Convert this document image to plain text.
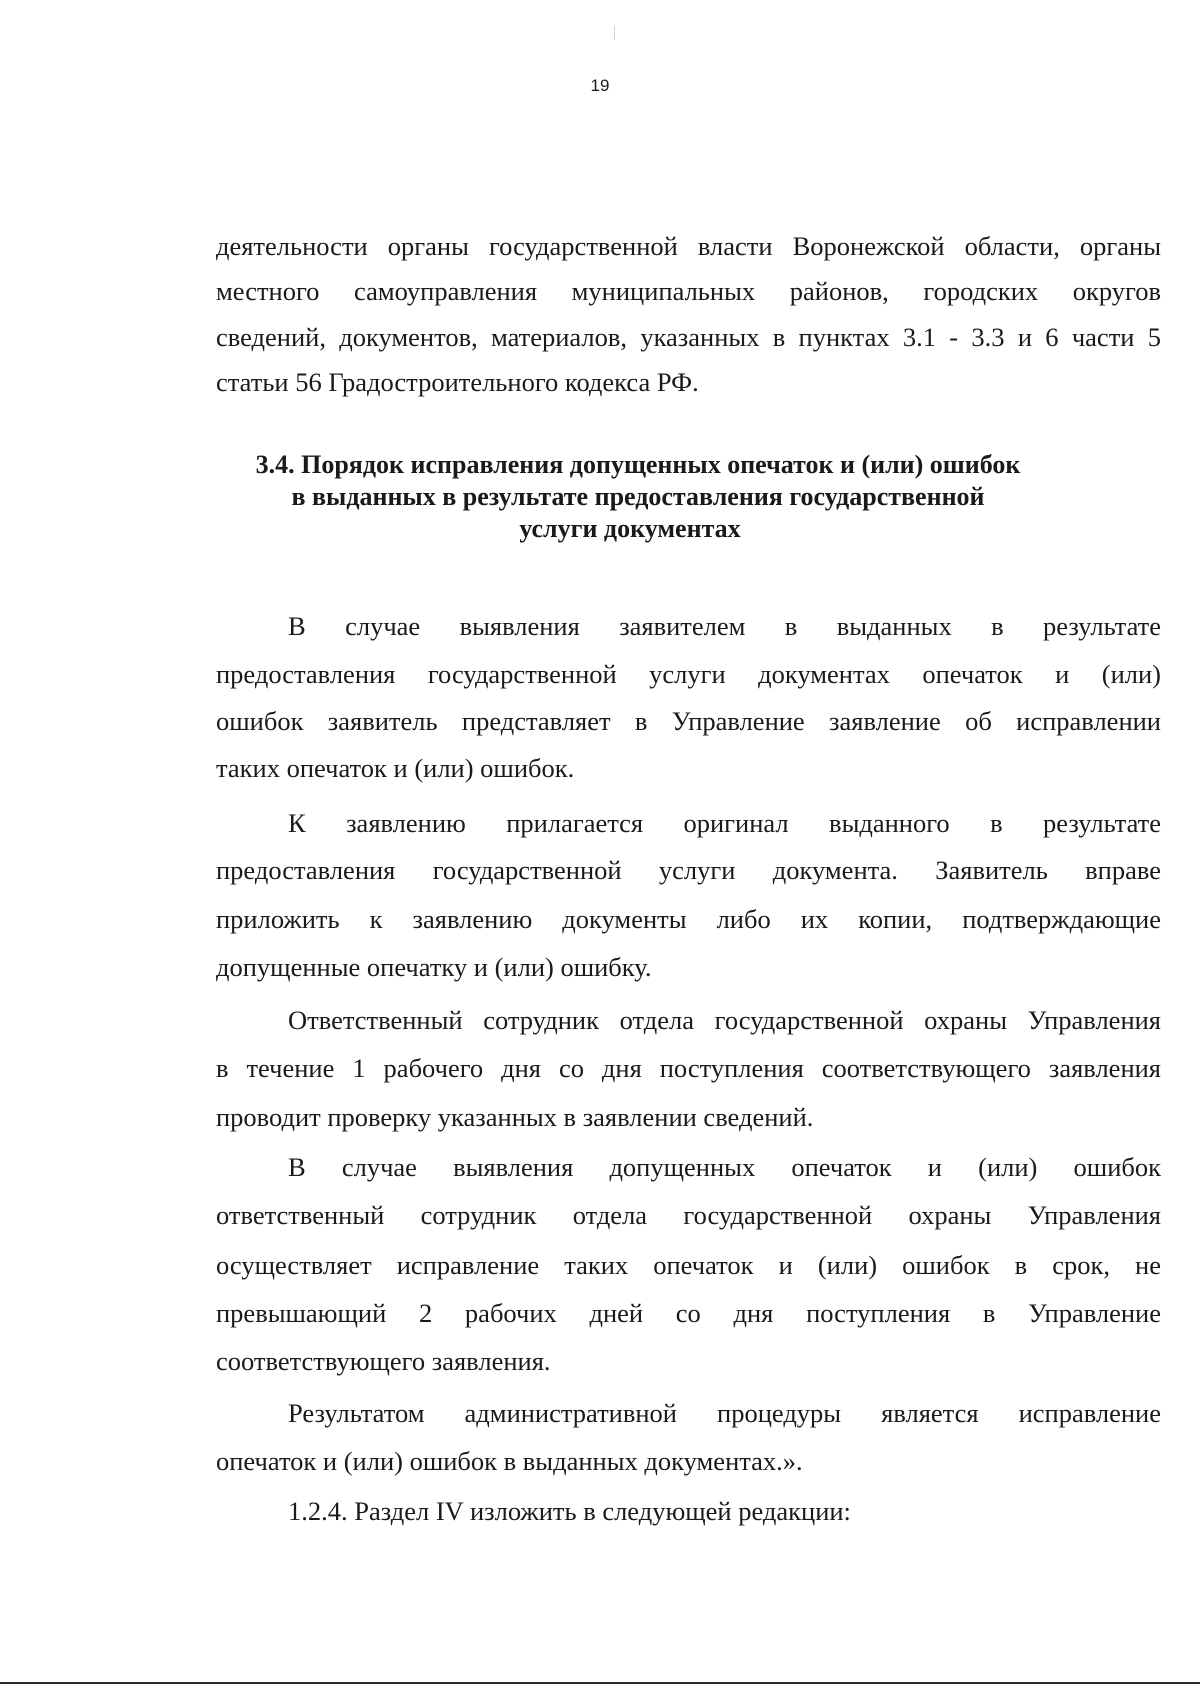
19
деятельности органы государственной власти Воронежской области, органы
местного самоуправления муниципальных районов, городских округов
сведений, документов, материалов, указанных в пунктах 3.1 - 3.3 и 6 части 5
статьи 56 Градостроительного кодекса РФ.
3.4. Порядок исправления допущенных опечаток и (или) ошибок
в выданных в результате предоставления государственной
услуги документах
В случае выявления заявителем в выданных в результате
предоставления государственной услуги документах опечаток и (или)
ошибок заявитель представляет в Управление заявление об исправлении
таких опечаток и (или) ошибок.
К заявлению прилагается оригинал выданного в результате
предоставления государственной услуги документа. Заявитель вправе
приложить к заявлению документы либо их копии, подтверждающие
допущенные опечатку и (или) ошибку.
Ответственный сотрудник отдела государственной охраны Управления
в течение 1 рабочего дня со дня поступления соответствующего заявления
проводит проверку указанных в заявлении сведений.
В случае выявления допущенных опечаток и (или) ошибок
ответственный сотрудник отдела государственной охраны Управления
осуществляет исправление таких опечаток и (или) ошибок в срок, не
превышающий 2 рабочих дней со дня поступления в Управление
соответствующего заявления.
Результатом административной процедуры является исправление
опечаток и (или) ошибок в выданных документах.».
1.2.4. Раздел IV изложить в следующей редакции:
